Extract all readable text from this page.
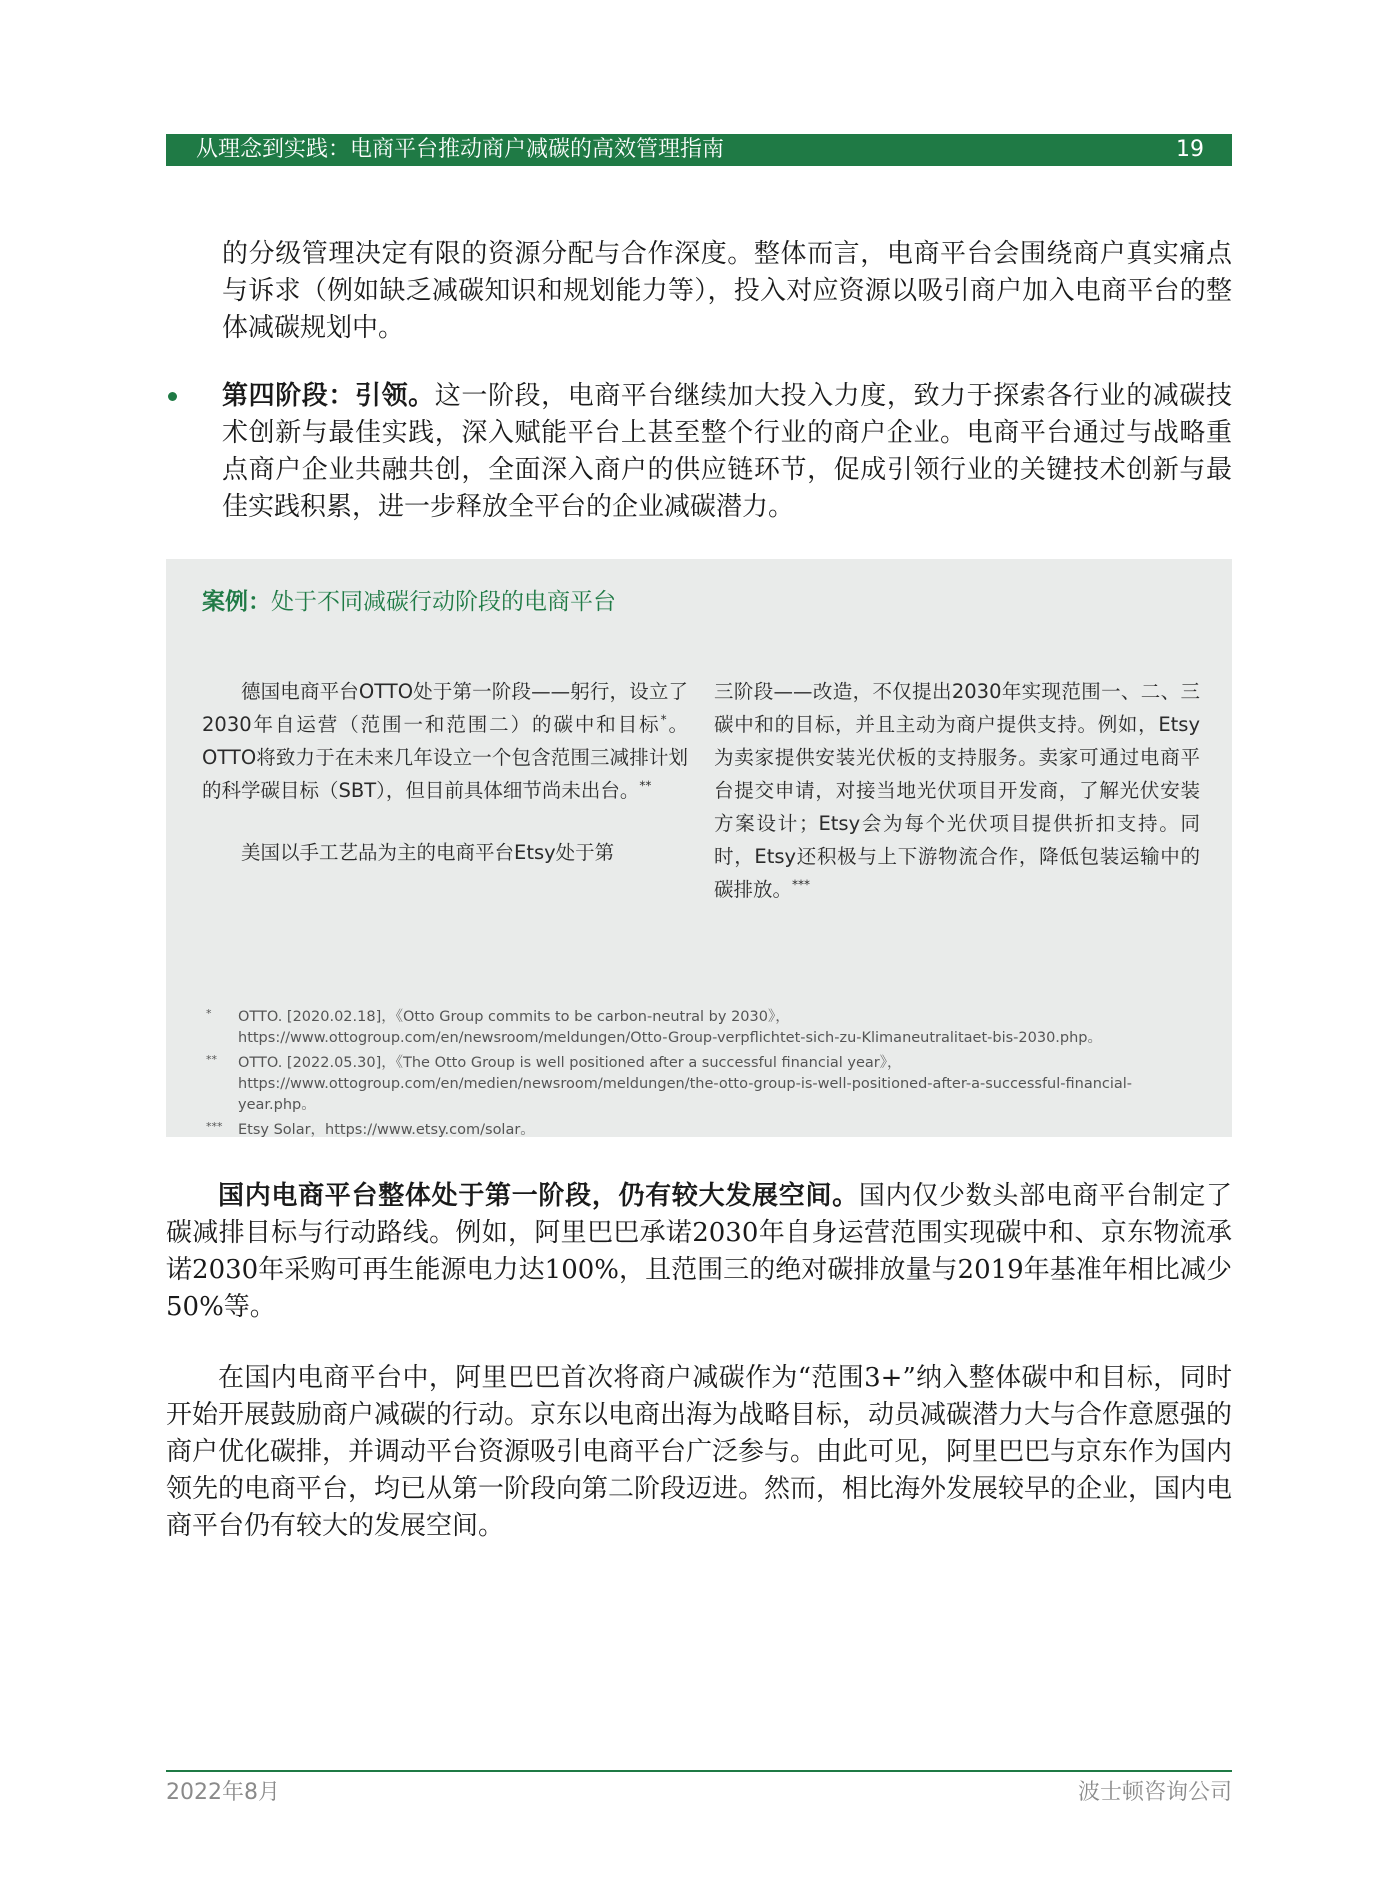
从理念到实践：电商平台推动商户减碳的高效管理指南	19

的分级管理决定有限的资源分配与合作深度。整体而言，电商平台会围绕商户真实痛点与诉求（例如缺乏减碳知识和规划能力等），投入对应资源以吸引商户加入电商平台的整体减碳规划中。

第四阶段：引领。这一阶段，电商平台继续加大投入力度，致力于探索各行业的减碳技术创新与最佳实践，深入赋能平台上甚至整个行业的商户企业。电商平台通过与战略重点商户企业共融共创，全面深入商户的供应链环节，促成引领行业的关键技术创新与最佳实践积累，进一步释放全平台的企业减碳潜力。

案例：处于不同减碳行动阶段的电商平台

德国电商平台OTTO处于第一阶段——躬行，设立了2030年自运营（范围一和范围二）的碳中和目标*。OTTO将致力于在未来几年设立一个包含范围三减排计划的科学碳目标（SBT），但目前具体细节尚未出台。**

美国以手工艺品为主的电商平台Etsy处于第

三阶段——改造，不仅提出2030年实现范围一、二、三碳中和的目标，并且主动为商户提供支持。例如，Etsy为卖家提供安装光伏板的支持服务。卖家可通过电商平台提交申请，对接当地光伏项目开发商，了解光伏安装方案设计；Etsy会为每个光伏项目提供折扣支持。同时，Etsy还积极与上下游物流合作，降低包装运输中的碳排放。***

* OTTO. [2020.02.18]，《Otto Group commits to be carbon-neutral by 2030》，https://www.ottogroup.com/en/newsroom/meldungen/Otto-Group-verpflichtet-sich-zu-Klimaneutralitaet-bis-2030.php。
** OTTO. [2022.05.30]，《The Otto Group is well positioned after a successful financial year》，https://www.ottogroup.com/en/medien/newsroom/meldungen/the-otto-group-is-well-positioned-after-a-successful-financial-year.php。
*** Etsy Solar，https://www.etsy.com/solar。

国内电商平台整体处于第一阶段，仍有较大发展空间。国内仅少数头部电商平台制定了碳减排目标与行动路线。例如，阿里巴巴承诺2030年自身运营范围实现碳中和、京东物流承诺2030年采购可再生能源电力达100%，且范围三的绝对碳排放量与2019年基准年相比减少50%等。

在国内电商平台中，阿里巴巴首次将商户减碳作为“范围3+”纳入整体碳中和目标，同时开始开展鼓励商户减碳的行动。京东以电商出海为战略目标，动员减碳潜力大与合作意愿强的商户优化碳排，并调动平台资源吸引电商平台广泛参与。由此可见，阿里巴巴与京东作为国内领先的电商平台，均已从第一阶段向第二阶段迈进。然而，相比海外发展较早的企业，国内电商平台仍有较大的发展空间。

2022年8月	波士顿咨询公司
